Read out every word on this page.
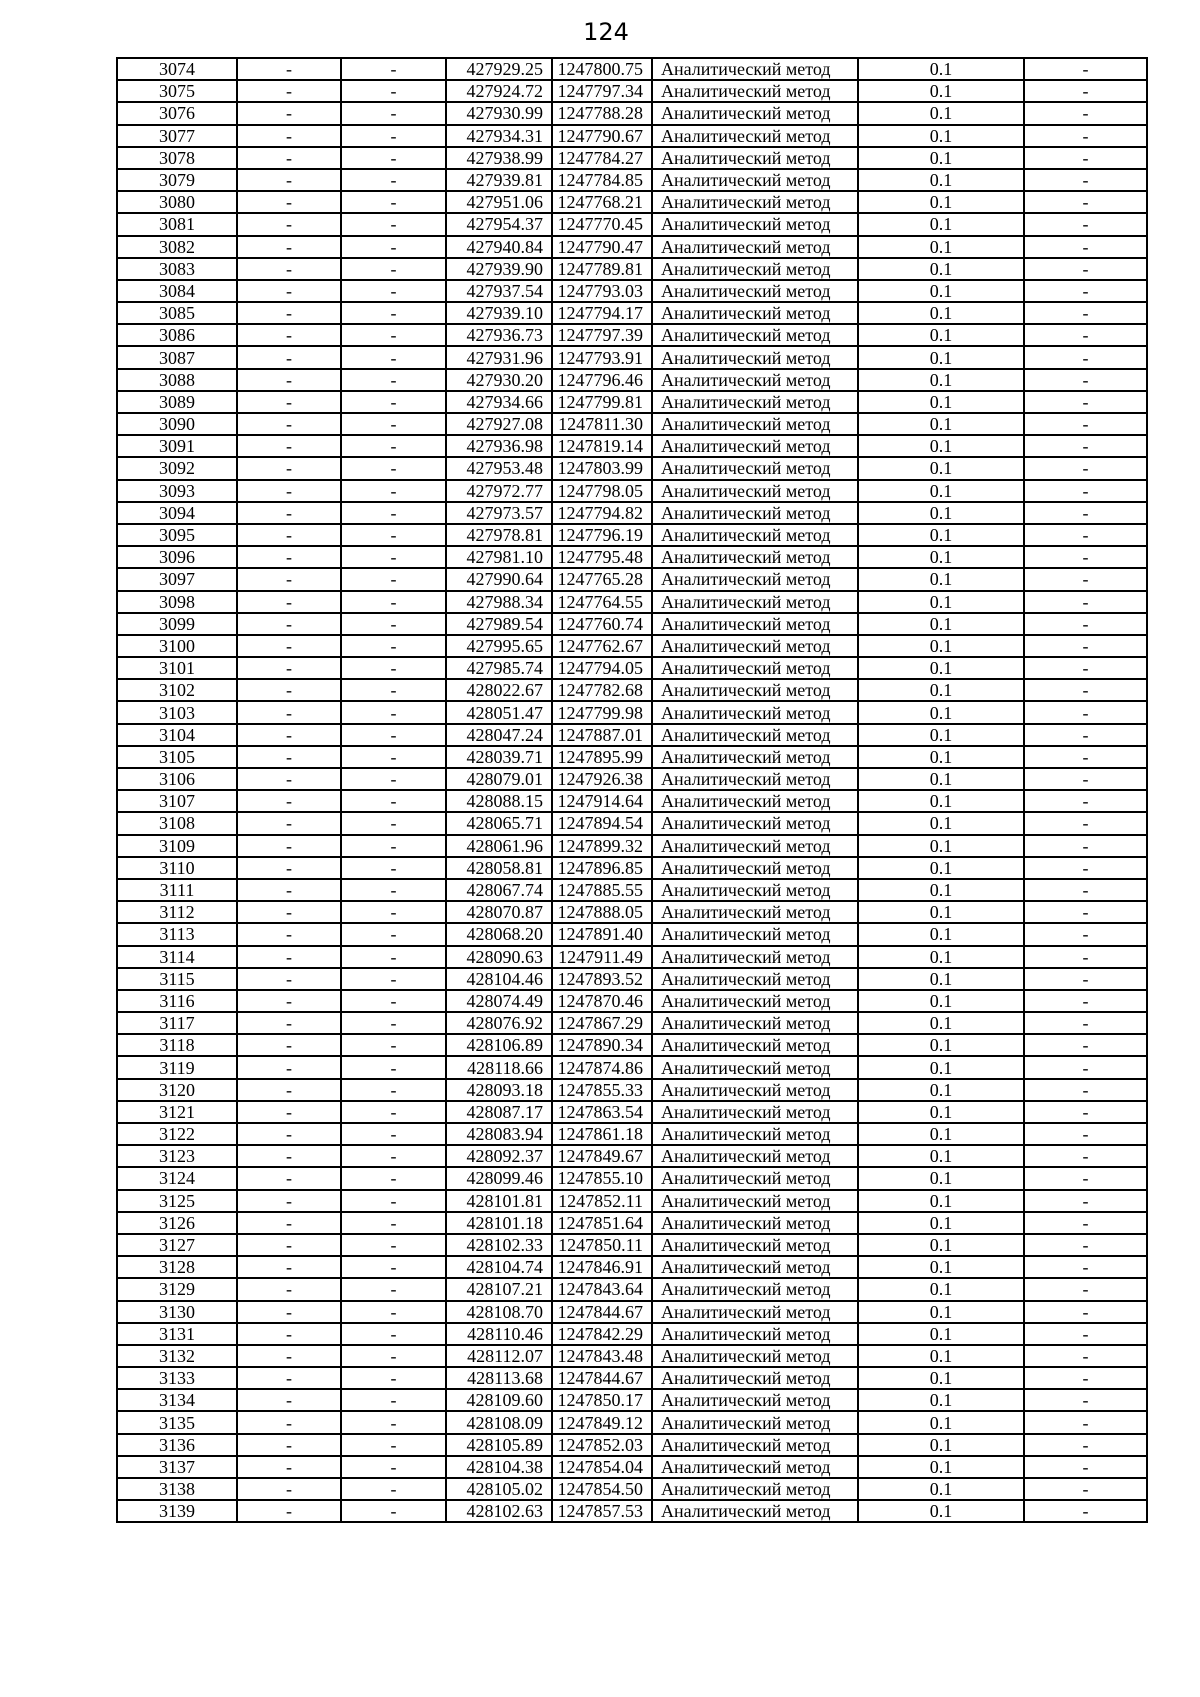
124
3074	-	-	427929.25	1247800.75	Аналитический метод	0.1	-
3075	-	-	427924.72	1247797.34	Аналитический метод	0.1	-
3076	-	-	427930.99	1247788.28	Аналитический метод	0.1	-
3077	-	-	427934.31	1247790.67	Аналитический метод	0.1	-
3078	-	-	427938.99	1247784.27	Аналитический метод	0.1	-
3079	-	-	427939.81	1247784.85	Аналитический метод	0.1	-
3080	-	-	427951.06	1247768.21	Аналитический метод	0.1	-
3081	-	-	427954.37	1247770.45	Аналитический метод	0.1	-
3082	-	-	427940.84	1247790.47	Аналитический метод	0.1	-
3083	-	-	427939.90	1247789.81	Аналитический метод	0.1	-
3084	-	-	427937.54	1247793.03	Аналитический метод	0.1	-
3085	-	-	427939.10	1247794.17	Аналитический метод	0.1	-
3086	-	-	427936.73	1247797.39	Аналитический метод	0.1	-
3087	-	-	427931.96	1247793.91	Аналитический метод	0.1	-
3088	-	-	427930.20	1247796.46	Аналитический метод	0.1	-
3089	-	-	427934.66	1247799.81	Аналитический метод	0.1	-
3090	-	-	427927.08	1247811.30	Аналитический метод	0.1	-
3091	-	-	427936.98	1247819.14	Аналитический метод	0.1	-
3092	-	-	427953.48	1247803.99	Аналитический метод	0.1	-
3093	-	-	427972.77	1247798.05	Аналитический метод	0.1	-
3094	-	-	427973.57	1247794.82	Аналитический метод	0.1	-
3095	-	-	427978.81	1247796.19	Аналитический метод	0.1	-
3096	-	-	427981.10	1247795.48	Аналитический метод	0.1	-
3097	-	-	427990.64	1247765.28	Аналитический метод	0.1	-
3098	-	-	427988.34	1247764.55	Аналитический метод	0.1	-
3099	-	-	427989.54	1247760.74	Аналитический метод	0.1	-
3100	-	-	427995.65	1247762.67	Аналитический метод	0.1	-
3101	-	-	427985.74	1247794.05	Аналитический метод	0.1	-
3102	-	-	428022.67	1247782.68	Аналитический метод	0.1	-
3103	-	-	428051.47	1247799.98	Аналитический метод	0.1	-
3104	-	-	428047.24	1247887.01	Аналитический метод	0.1	-
3105	-	-	428039.71	1247895.99	Аналитический метод	0.1	-
3106	-	-	428079.01	1247926.38	Аналитический метод	0.1	-
3107	-	-	428088.15	1247914.64	Аналитический метод	0.1	-
3108	-	-	428065.71	1247894.54	Аналитический метод	0.1	-
3109	-	-	428061.96	1247899.32	Аналитический метод	0.1	-
3110	-	-	428058.81	1247896.85	Аналитический метод	0.1	-
3111	-	-	428067.74	1247885.55	Аналитический метод	0.1	-
3112	-	-	428070.87	1247888.05	Аналитический метод	0.1	-
3113	-	-	428068.20	1247891.40	Аналитический метод	0.1	-
3114	-	-	428090.63	1247911.49	Аналитический метод	0.1	-
3115	-	-	428104.46	1247893.52	Аналитический метод	0.1	-
3116	-	-	428074.49	1247870.46	Аналитический метод	0.1	-
3117	-	-	428076.92	1247867.29	Аналитический метод	0.1	-
3118	-	-	428106.89	1247890.34	Аналитический метод	0.1	-
3119	-	-	428118.66	1247874.86	Аналитический метод	0.1	-
3120	-	-	428093.18	1247855.33	Аналитический метод	0.1	-
3121	-	-	428087.17	1247863.54	Аналитический метод	0.1	-
3122	-	-	428083.94	1247861.18	Аналитический метод	0.1	-
3123	-	-	428092.37	1247849.67	Аналитический метод	0.1	-
3124	-	-	428099.46	1247855.10	Аналитический метод	0.1	-
3125	-	-	428101.81	1247852.11	Аналитический метод	0.1	-
3126	-	-	428101.18	1247851.64	Аналитический метод	0.1	-
3127	-	-	428102.33	1247850.11	Аналитический метод	0.1	-
3128	-	-	428104.74	1247846.91	Аналитический метод	0.1	-
3129	-	-	428107.21	1247843.64	Аналитический метод	0.1	-
3130	-	-	428108.70	1247844.67	Аналитический метод	0.1	-
3131	-	-	428110.46	1247842.29	Аналитический метод	0.1	-
3132	-	-	428112.07	1247843.48	Аналитический метод	0.1	-
3133	-	-	428113.68	1247844.67	Аналитический метод	0.1	-
3134	-	-	428109.60	1247850.17	Аналитический метод	0.1	-
3135	-	-	428108.09	1247849.12	Аналитический метод	0.1	-
3136	-	-	428105.89	1247852.03	Аналитический метод	0.1	-
3137	-	-	428104.38	1247854.04	Аналитический метод	0.1	-
3138	-	-	428105.02	1247854.50	Аналитический метод	0.1	-
3139	-	-	428102.63	1247857.53	Аналитический метод	0.1	-
